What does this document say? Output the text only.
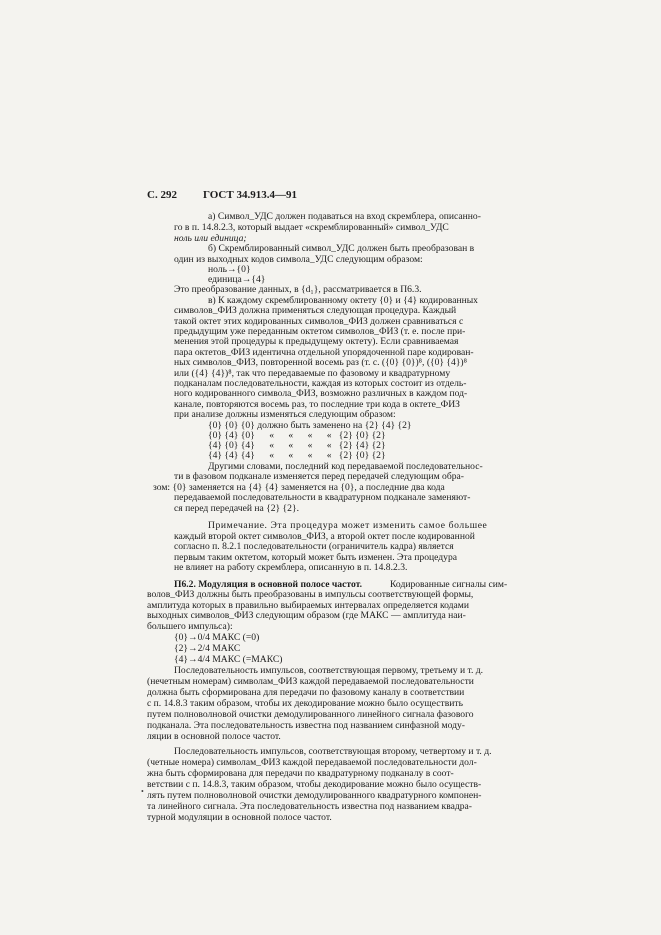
С. 292 ГОСТ 34.913.4—91
а) Символ_УДС должен подаваться на вход скремблера, описанно-
го в п. 14.8.2.3, который выдает «скремблированный» символ_УДС
ноль или единица;
б) Скремблированный символ_УДС должен быть преобразован в
один из выходных кодов символа_УДС следующим образом:
ноль→{0}
единица→{4}
Это преобразование данных, в {d₁}, рассматривается в П6.3.
в) К каждому скремблированному октету {0} и {4} кодированных
символов_ФИЗ должна применяться следующая процедура. Каждый
такой октет этих кодированных символов_ФИЗ должен сравниваться с
предыдущим уже переданным октетом символов_ФИЗ (т. е. после при-
менения этой процедуры к предыдущему октету). Если сравниваемая
пара октетов_ФИЗ идентична отдельной упорядоченной паре кодирован-
ных символов_ФИЗ, повторенной восемь раз (т. с. ({0} {0})⁸, ({0} {4})⁸
или ({4} {4})⁸, так что передаваемые по фазовому и квадратурному
подканалам последовательности, каждая из которых состоит из отдель-
ного кодированного символа_ФИЗ, возможно различных в каждом под-
канале, повторяются восемь раз, то последние три кода в октете_ФИЗ
при анализе должны изменяться следующим образом:
{0} {0} {0} должно быть заменено на {2} {4} {2}
{0} {4} {0}      «      «      «      «   {2} {0} {2}
{4} {0} {4}      «      «      «      «   {2} {4} {2}
{4} {4} {4}      «      «      «      «   {2} {0} {2}
Другими словами, последний код передаваемой последовательнос-
ти в фазовом подканале изменяется перед передачей следующим обра-
зом: {0} заменяется на {4} {4} заменяется на {0}, а последние два кода
передаваемой последовательности в квадратурном подканале заменяют-
ся перед передачей на {2} {2}.
Примечание. Эта процедура может изменить самое большее
каждый второй октет символов_ФИЗ, а второй октет после кодированной
согласно п. 8.2.1 последовательности (ограничитель кадра) является
первым таким октетом, который может быть изменен. Эта процедура
не влияет на работу скремблера, описанную в п. 14.8.2.3.
П6.2. Модуляция в основной полосе частот.	Кодированные сигналы сим-
волов_ФИЗ должны быть преобразованы в импульсы соответствующей формы,
амплитуда которых в правильно выбираемых интервалах определяется кодами
выходных символов_ФИЗ следующим образом (где МАКС — амплитуда наи-
большего импульса):
{0}→0/4 МАКС (=0)
{2}→2/4 МАКС
{4}→4/4 МАКС (=МАКС)
Последовательность импульсов, соответствующая первому, третьему и т. д.
(нечетным номерам) символам_ФИЗ каждой передаваемой последовательности
должна быть сформирована для передачи по фазовому каналу в соответствии
с п. 14.8.3 таким образом, чтобы их декодирование можно было осуществить
путем полноволновой очистки демодулированного линейного сигнала фазового
подканала. Эта последовательность известна под названием синфазной моду-
ляции в основной полосе частот.
Последовательность импульсов, соответствующая второму, четвертому и т. д.
(четные номера) символам_ФИЗ каждой передаваемой последовательности дол-
жна быть сформирована для передачи по квадратурному подканалу в соот-
ветствии с п. 14.8.3, таким образом, чтобы декодирование можно было осуществ-
лять путем полноволновой очистки демодулированного квадратурного компонен-
та линейного сигнала. Эта последовательность известна под названием квадра-
турной модуляции в основной полосе частот.
•
